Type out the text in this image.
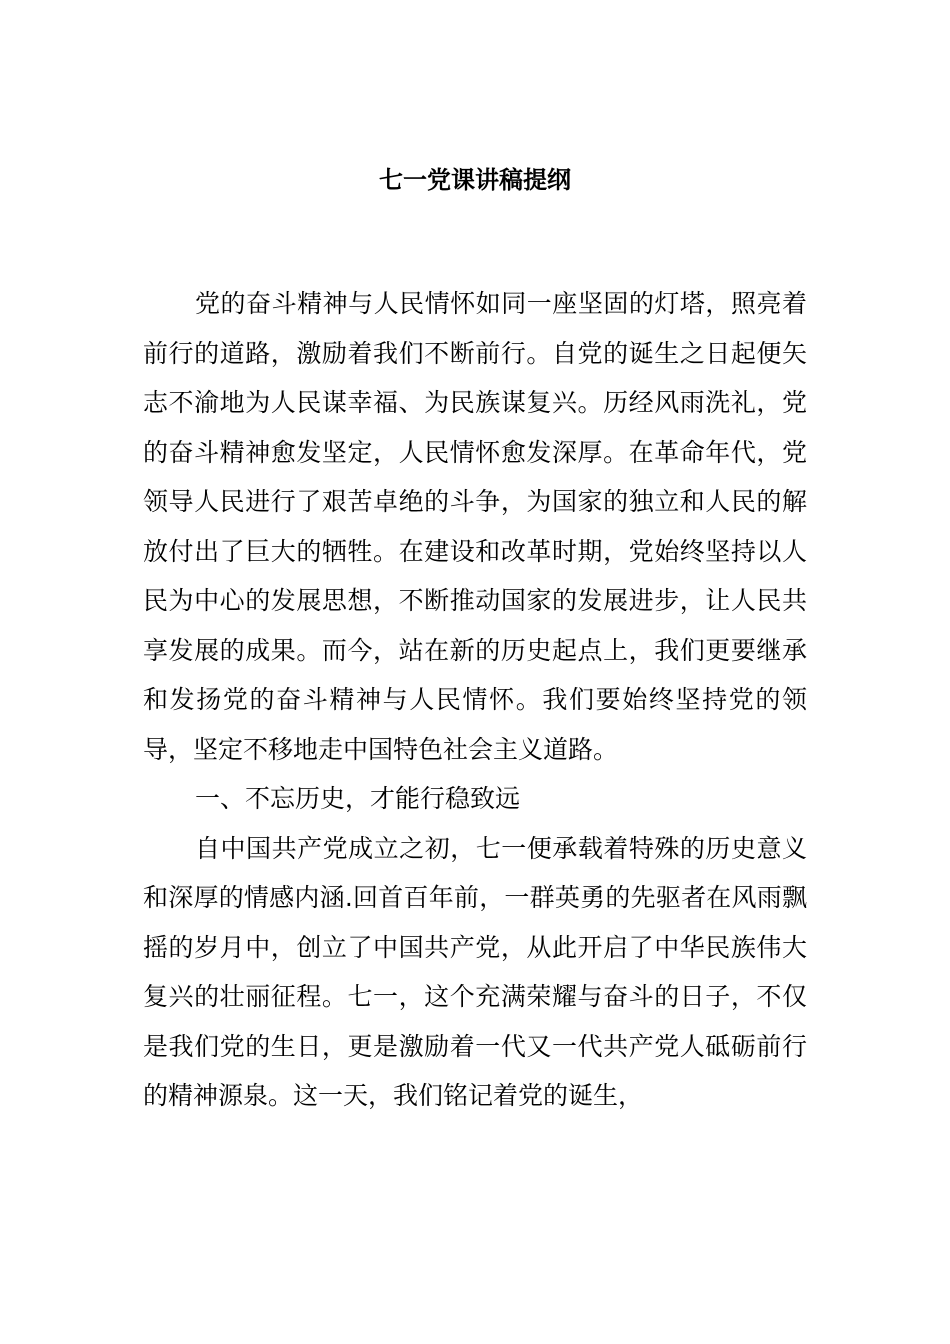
七一党课讲稿提纲

党的奋斗精神与人民情怀如同一座坚固的灯塔，照亮着前行的道路，激励着我们不断前行。自党的诞生之日起便矢志不渝地为人民谋幸福、为民族谋复兴。历经风雨洗礼，党的奋斗精神愈发坚定，人民情怀愈发深厚。在革命年代，党领导人民进行了艰苦卓绝的斗争，为国家的独立和人民的解放付出了巨大的牺牲。在建设和改革时期，党始终坚持以人民为中心的发展思想，不断推动国家的发展进步，让人民共享发展的成果。而今，站在新的历史起点上，我们更要继承和发扬党的奋斗精神与人民情怀。我们要始终坚持党的领导，坚定不移地走中国特色社会主义道路。

一、不忘历史，才能行稳致远

自中国共产党成立之初，七一便承载着特殊的历史意义和深厚的情感内涵.回首百年前，一群英勇的先驱者在风雨飘摇的岁月中，创立了中国共产党，从此开启了中华民族伟大复兴的壮丽征程。七一，这个充满荣耀与奋斗的日子，不仅是我们党的生日，更是激励着一代又一代共产党人砥砺前行的精神源泉。这一天，我们铭记着党的诞生，
